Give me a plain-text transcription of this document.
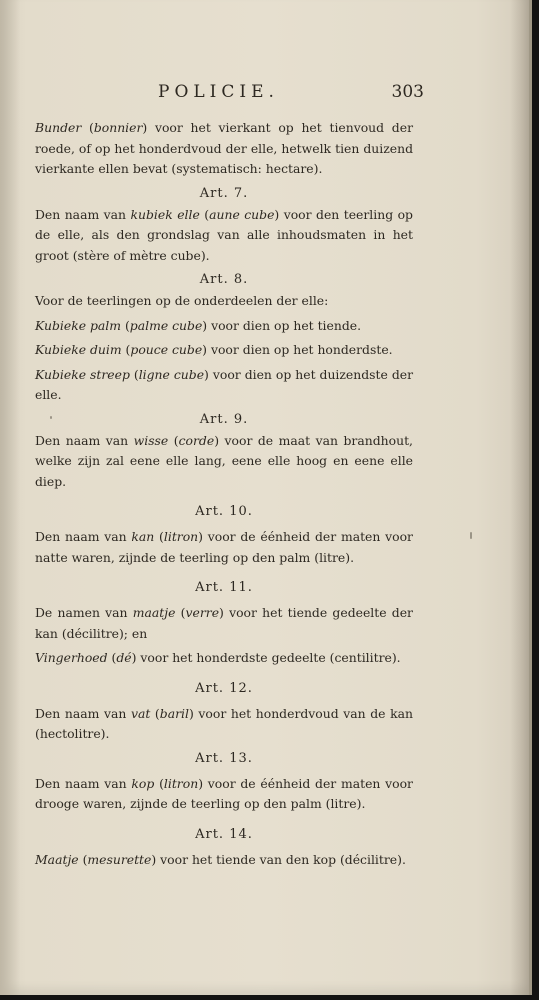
POLICIE.	303

Bunder (bonnier) voor het vierkant op het tienvoud der roede, of op het honderdvoud der elle, hetwelk tien duizend vierkante ellen bevat (systematisch: hectare).

Art. 7.

Den naam van kubiek elle (aune cube) voor den teerling op de elle, als den grondslag van alle inhoudsmaten in het groot (stère of mètre cube).

Art. 8.

Voor de teerlingen op de onderdeelen der elle:

Kubieke palm (palme cube) voor dien op het tiende.

Kubieke duim (pouce cube) voor dien op het honderdste.

Kubieke streep (ligne cube) voor dien op het duizendste der elle.

Art. 9.

Den naam van wisse (corde) voor de maat van brandhout, welke zijn zal eene elle lang, eene elle hoog en eene elle diep.

Art. 10.

Den naam van kan (litron) voor de éénheid der maten voor natte waren, zijnde de teerling op den palm (litre).

Art. 11.

De namen van maatje (verre) voor het tiende gedeelte der kan (décilitre); en

Vingerhoed (dé) voor het honderdste gedeelte (centilitre).

Art. 12.

Den naam van vat (baril) voor het honderdvoud van de kan (hectolitre).

Art. 13.

Den naam van kop (litron) voor de éénheid der maten voor drooge waren, zijnde de teerling op den palm (litre).

Art. 14.

Maatje (mesurette) voor het tiende van den kop (décilitre).
